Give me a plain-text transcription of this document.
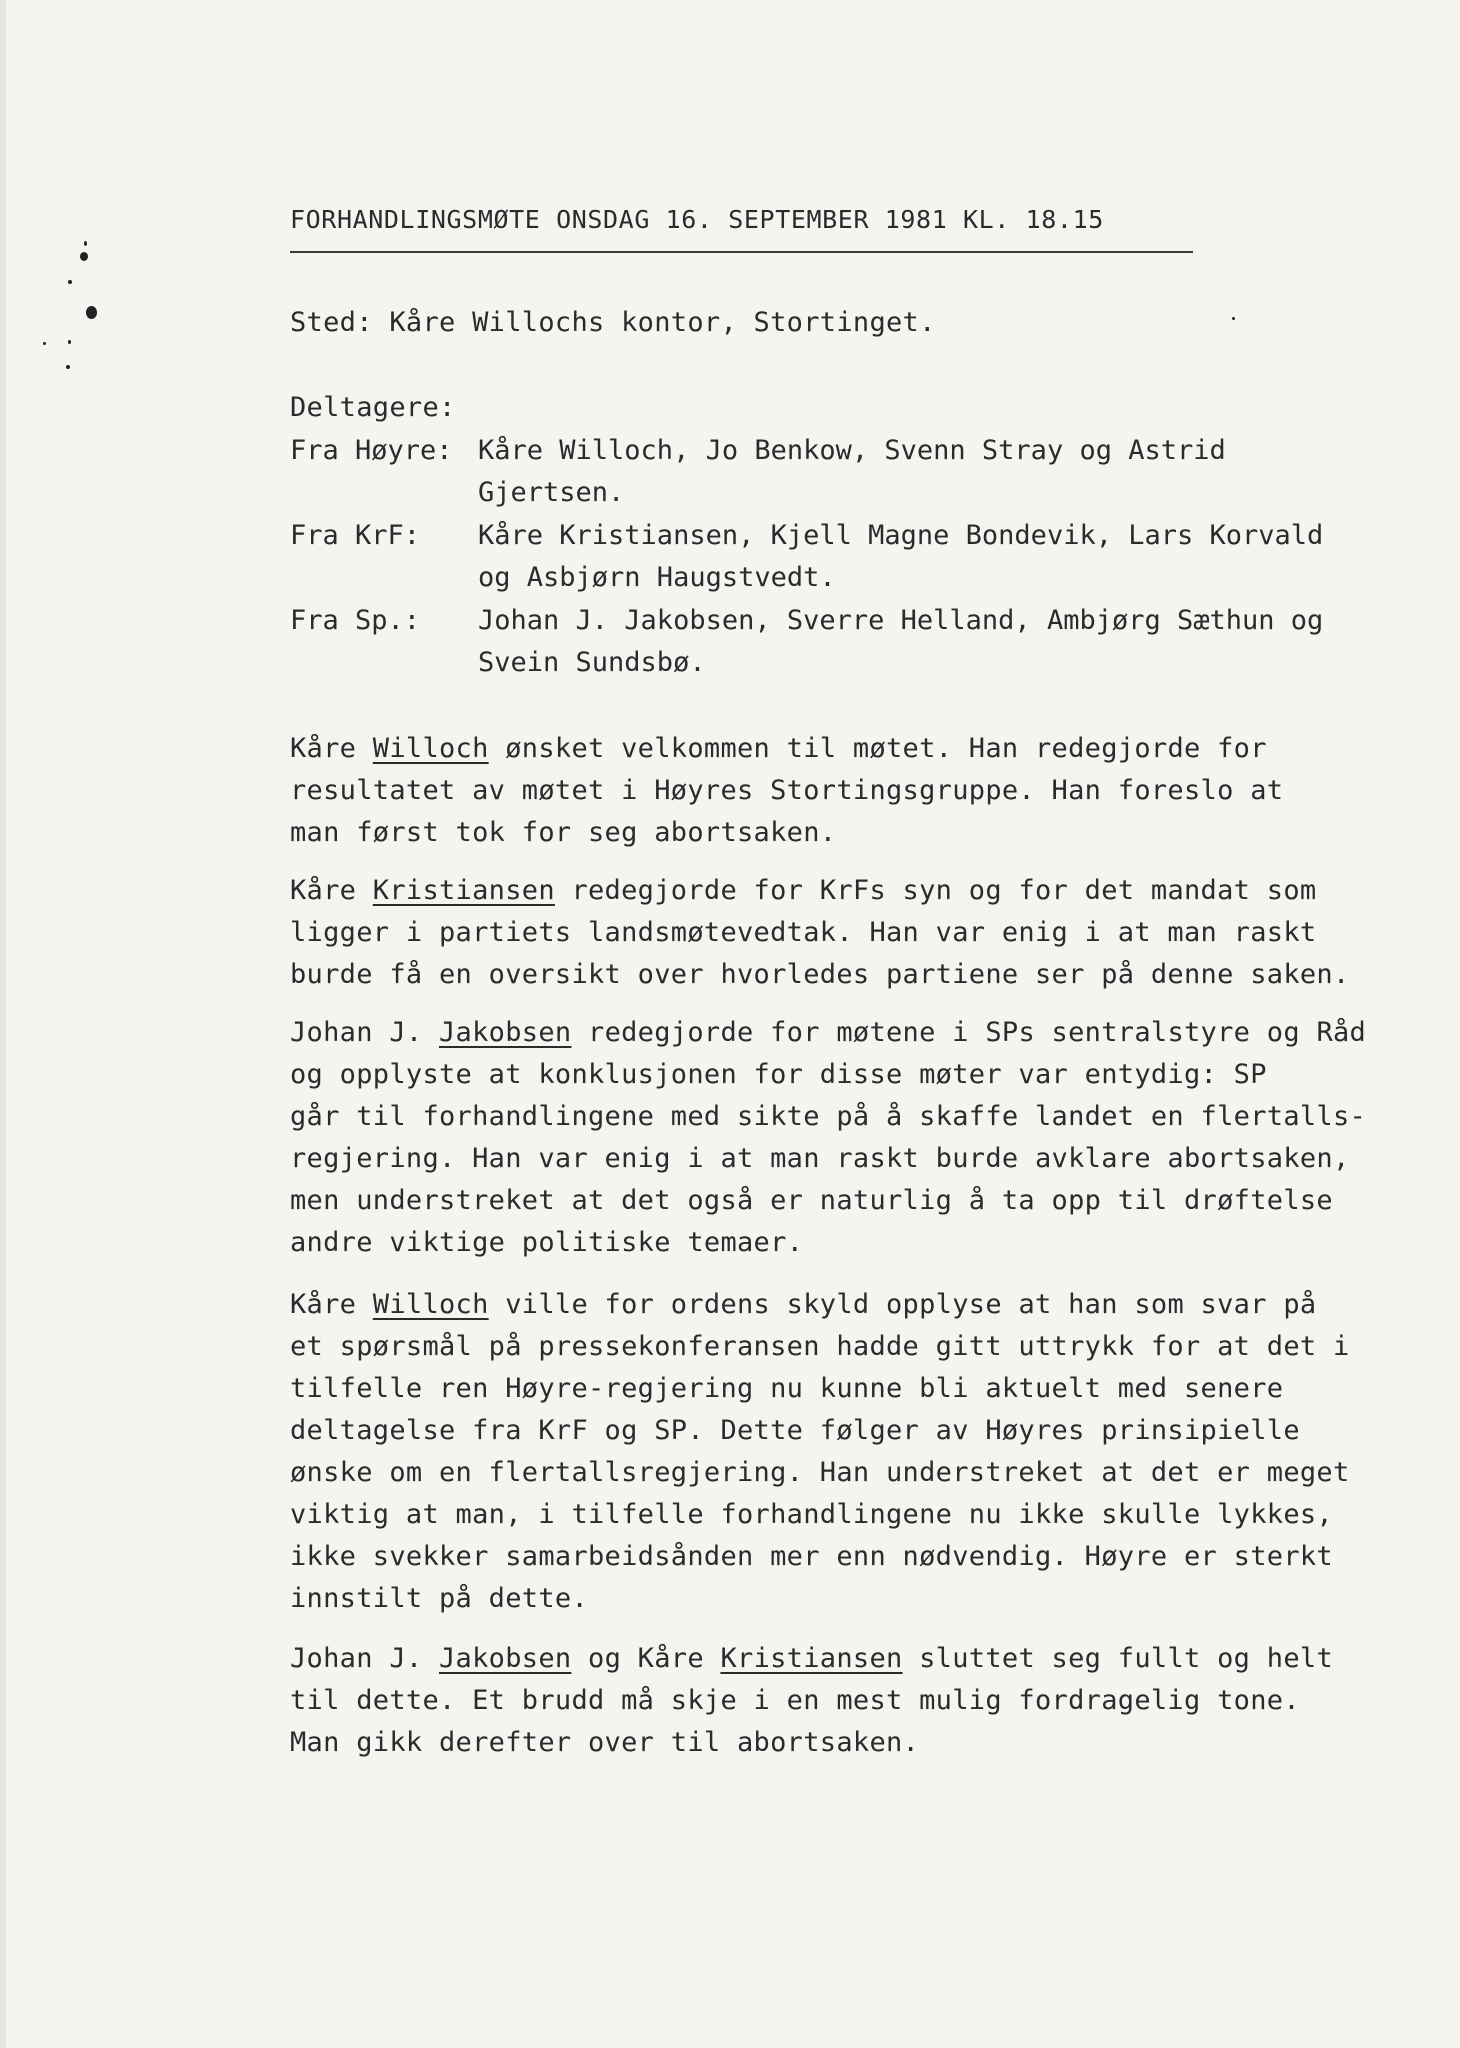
FORHANDLINGSMØTE ONSDAG 16. SEPTEMBER 1981 KL. 18.15
Sted: Kåre Willochs kontor, Stortinget.
Deltagere:
Fra Høyre: Kåre Willoch, Jo Benkow, Svenn Stray og Astrid
Gjertsen.
Fra KrF: Kåre Kristiansen, Kjell Magne Bondevik, Lars Korvald
og Asbjørn Haugstvedt.
Fra Sp.: Johan J. Jakobsen, Sverre Helland, Ambjørg Sæthun og
Svein Sundsbø.
Kåre Willoch ønsket velkommen til møtet. Han redegjorde for
resultatet av møtet i Høyres Stortingsgruppe. Han foreslo at
man først tok for seg abortsaken.
Kåre Kristiansen redegjorde for KrFs syn og for det mandat som
ligger i partiets landsmøtevedtak. Han var enig i at man raskt
burde få en oversikt over hvorledes partiene ser på denne saken.
Johan J. Jakobsen redegjorde for møtene i SPs sentralstyre og Råd
og opplyste at konklusjonen for disse møter var entydig: SP
går til forhandlingene med sikte på å skaffe landet en flertalls-
regjering. Han var enig i at man raskt burde avklare abortsaken,
men understreket at det også er naturlig å ta opp til drøftelse
andre viktige politiske temaer.
Kåre Willoch ville for ordens skyld opplyse at han som svar på
et spørsmål på pressekonferansen hadde gitt uttrykk for at det i
tilfelle ren Høyre-regjering nu kunne bli aktuelt med senere
deltagelse fra KrF og SP. Dette følger av Høyres prinsipielle
ønske om en flertallsregjering. Han understreket at det er meget
viktig at man, i tilfelle forhandlingene nu ikke skulle lykkes,
ikke svekker samarbeidsånden mer enn nødvendig. Høyre er sterkt
innstilt på dette.
Johan J. Jakobsen og Kåre Kristiansen sluttet seg fullt og helt
til dette. Et brudd må skje i en mest mulig fordragelig tone.
Man gikk derefter over til abortsaken.
